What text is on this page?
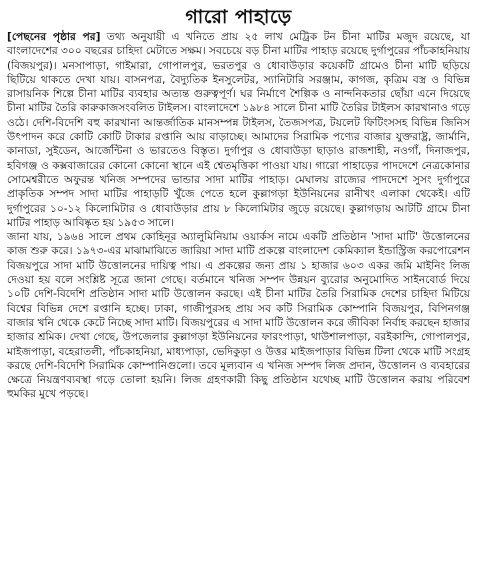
গারো পাহাড়ে

[পেছনের পৃষ্ঠার পর] তথ্য অনুযায়ী এ খনিতে প্রায় ২৫ লাখ মেট্রিক টন চীনা মাটির মজুদ রয়েছে, যা বাংলাদেশের ৩০০ বছরের চাহিদা মেটাতে সক্ষম। সবচেয়ে বড় চীনা মাটির পাহাড় রয়েছে দুর্গাপুরের পাঁচকাহনিয়ায় (বিজয়পুর)। মনসাপাড়া, গাইমারা, গোপালপুর, ভরতপুর ও ধোবাউড়ার কয়েকটি গ্রামেও চীনা মাটি ছড়িয়ে ছিটিয়ে থাকতে দেখা যায়। বাসনপত্র, বৈদ্যুতিক ইনসুলেটর, স্যানিটারি সরঞ্জাম, কাগজ, কৃত্রিম বস্ত্র ও বিভিন্ন রাসায়নিক শিল্পে চীনা মাটির ব্যবহার অত্যন্ত গুরুত্বপূর্ণ। ঘর নির্মাণে শৈল্পিক ও নান্দনিকতার ছোঁয়া এনে দিয়েছে চীনা মাটির তৈরি কারুকাজসংবলিত টাইলস। বাংলাদেশে ১৯৮৪ সালে চীনা মাটি তৈরির টাইলস কারখানাও গড়ে ওঠে। দেশি-বিদেশি বহু কারখানা আন্তর্জাতিক মানসম্পন্ন টাইলস, তৈজসপত্র, টয়লেট ফিটিংসসহ বিভিন্ন জিনিস উৎপাদন করে কোটি কোটি টাকার রপ্তানি আয় বাড়াচ্ছে। আমাদের সিরামিক পণ্যের বাজার যুক্তরাষ্ট্র, জার্মানি, কানাডা, সুইডেন, আর্জেন্টিনা ও ভারতেও বিস্তৃত। দুর্গাপুর ও ধোবাউড়া ছাড়াও রাজশাহী, নওগাঁ, দিনাজপুর, হবিগঞ্জ ও কক্সবাজারের কোনো কোনো স্থানে এই শ্বেতমৃত্তিকা পাওয়া যায়। গারো পাহাড়ের পাদদেশে নেত্রকোনার সোমেশ্বরীতে অফুরন্ত খনিজ সম্পদের ভান্ডার সাদা মাটির পাহাড়। মেঘালয় রাজ্যের পাদদেশে সুসং দুর্গাপুরে প্রাকৃতিক সম্পদ সাদা মাটির পাহাড়টি খুঁজে পেতে হলে কুল্লাগড়া ইউনিয়নের রানীখং এলাকা থেকেই। এটি দুর্গাপুরের ১০-১২ কিলোমিটার ও ধোবাউড়ার প্রায় ৮ কিলোমিটার জুড়ে রয়েছে। কুল্লাগড়ায় আটটি গ্রামে চীনা মাটির পাহাড় আবিষ্কৃত হয় ১৯৫৩ সালে।

জানা যায়, ১৯৬৪ সালে প্রথম কোহিনূর অ্যালুমিনিয়াম ওয়ার্কস নামে একটি প্রতিষ্ঠান 'সাদা মাটি' উত্তোলনের কাজ শুরু করে। ১৯৭৩-এর মাঝামাঝিতে জারিয়া সাদা মাটি প্রকল্পে বাংলাদেশ কেমিক্যাল ইন্ডাস্ট্রিজ করপোরেশন বিজয়পুরে সাদা মাটি উত্তোলনের দায়িত্ব পায়। এ প্রকল্পের জন্য প্রায় ১ হাজার ৬০৩ একর জমি মাইনিং লিজ দেওয়া হয় বলে সংশ্লিষ্ট সূত্রে জানা গেছে। বর্তমানে খনিজ সম্পদ উন্নয়ন ব্যুরোর অনুমোদিত সাইনবোর্ড দিয়ে ১০টি দেশি-বিদেশি প্রতিষ্ঠান সাদা মাটি উত্তোলন করছে। এই চীনা মাটির তৈরি সিরামিক দেশের চাহিদা মিটিয়ে বিশ্বের বিভিন্ন দেশে রপ্তানি হচ্ছে। ঢাকা, গাজীপুরসহ প্রায় সব কটি সিরামিক কোম্পানি বিজয়পুর, বিপিনগঞ্জ বাজার খনি থেকে কেটে নিচ্ছে সাদা মাটি। বিজয়পুরের এ সাদা মাটি উত্তোলন করে জীবিকা নির্বাহ করছেন হাজার হাজার শ্রমিক। দেখা গেছে, উপজেলার কুল্লাগড়া ইউনিয়নের ফারংপাড়া, থাউশালপাড়া, বরইকান্দি, গোপালপুর, মাইজপাড়া, বহেরাতলী, পাঁচকাহনিয়া, মাধ্যপাড়া, ভেদিকুড়া ও উত্তর মাইজপাড়ার বিভিন্ন টিলা থেকে মাটি সংগ্রহ করছে দেশি-বিদেশি সিরামিক কোম্পানিগুলো। তবে মূল্যবান এ খনিজ সম্পদ লিজ প্রদান, উত্তোলন ও ব্যবহারের ক্ষেত্রে নিয়ন্ত্রণব্যবস্থা গড়ে তোলা হয়নি। লিজ গ্রহণকারী কিছু প্রতিষ্ঠান যথেচ্ছ মাটি উত্তোলন করায় পরিবেশ হুমকির মুখে পড়ছে।
